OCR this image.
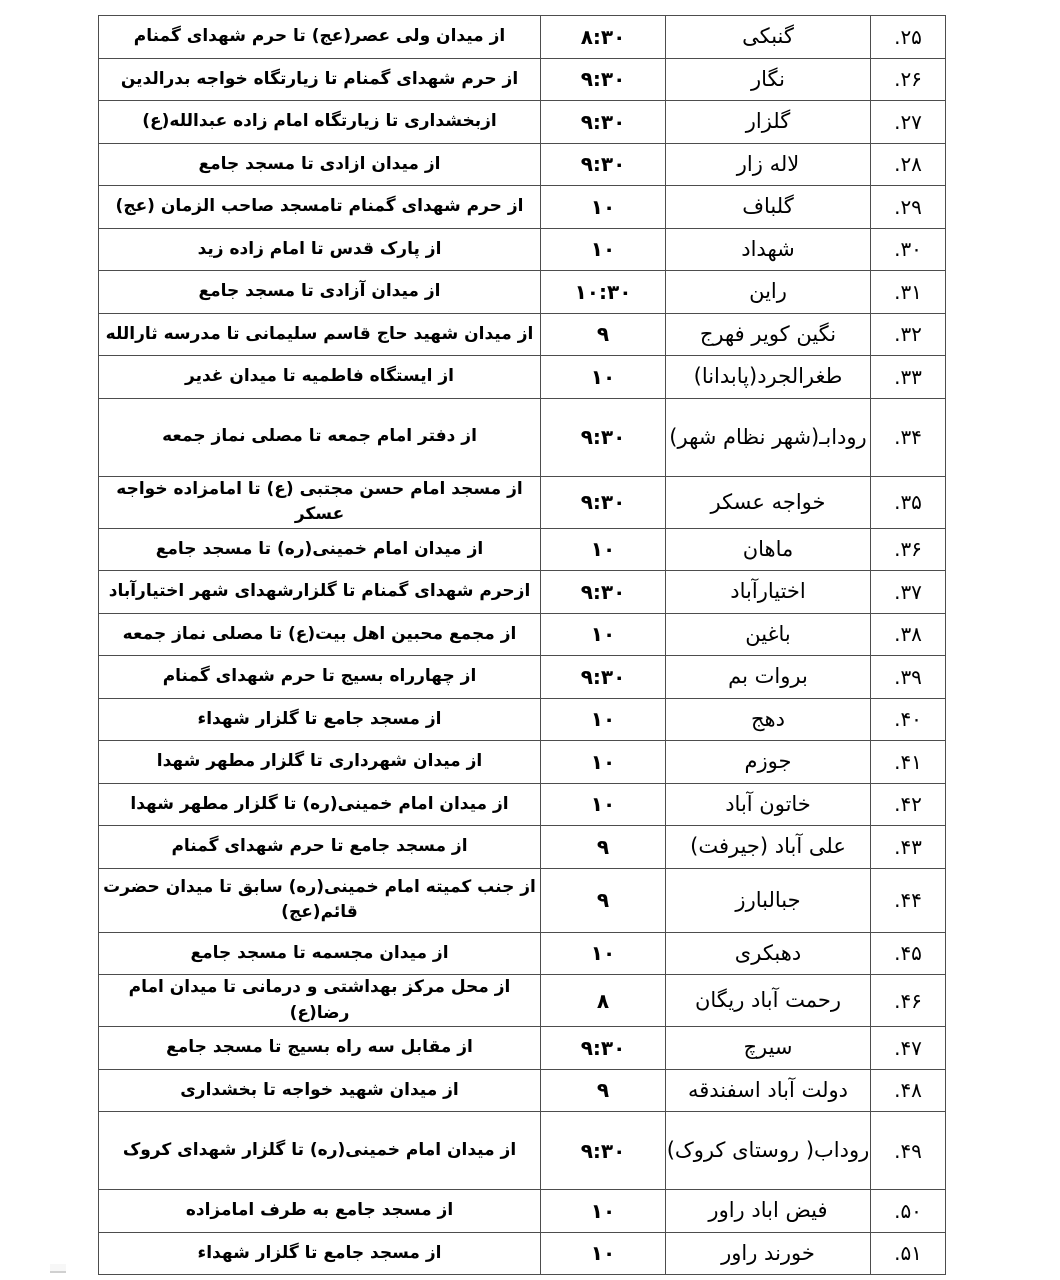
۲۵.	گنبکی	۸:۳۰	از میدان ولی عصر(عج) تا حرم شهدای گمنام
۲۶.	نگار	۹:۳۰	از حرم شهدای گمنام تا زیارتگاه خواجه بدرالدین
۲۷.	گلزار	۹:۳۰	ازبخشداری تا زیارتگاه امام زاده عبدالله(ع)
۲۸.	لاله زار	۹:۳۰	از میدان ازادی تا مسجد جامع
۲۹.	گلباف	۱۰	از حرم شهدای گمنام تامسجد صاحب الزمان (عج)
۳۰.	شهداد	۱۰	از پارک قدس تا امام زاده زید
۳۱.	راین	۱۰:۳۰	از میدان آزادی تا مسجد جامع
۳۲.	نگین کویر فهرج	۹	از میدان شهید حاج قاسم سلیمانی تا مدرسه ثارالله
۳۳.	طغرالجرد(پابدانا)	۱۰	از ایستگاه فاطمیه تا میدان غدیر
۳۴.	رودابـ(شهر نظام شهر)	۹:۳۰	از دفتر امام جمعه تا مصلی نماز جمعه
۳۵.	خواجه عسکر	۹:۳۰	از مسجد امام حسن مجتبی (ع) تا امامزاده خواجه عسکر
۳۶.	ماهان	۱۰	از میدان امام خمینی(ره) تا مسجد جامع
۳۷.	اختیارآباد	۹:۳۰	ازحرم شهدای گمنام تا گلزارشهدای شهر اختیارآباد
۳۸.	باغین	۱۰	از مجمع محبین اهل بیت(ع) تا مصلی نماز جمعه
۳۹.	بروات بم	۹:۳۰	از چهارراه بسیج تا حرم شهدای گمنام
۴۰.	دهج	۱۰	از مسجد جامع تا گلزار شهداء
۴۱.	جوزم	۱۰	از میدان شهرداری تا گلزار مطهر شهدا
۴۲.	خاتون آباد	۱۰	از میدان امام خمینی(ره) تا گلزار مطهر شهدا
۴۳.	علی آباد (جیرفت)	۹	از مسجد جامع تا حرم شهدای گمنام
۴۴.	جبالبارز	۹	از جنب کمیته امام خمینی(ره) سابق تا میدان حضرت قائم(عج)
۴۵.	دهبکری	۱۰	از میدان مجسمه تا مسجد جامع
۴۶.	رحمت آباد ریگان	۸	از محل مرکز بهداشتی و درمانی تا میدان امام رضا(ع)
۴۷.	سیرچ	۹:۳۰	از مقابل سه راه بسیج تا مسجد جامع
۴۸.	دولت آباد اسفندقه	۹	از میدان شهید خواجه تا بخشداری
۴۹.	روداب( روستای کروک)	۹:۳۰	از میدان امام خمینی(ره) تا گلزار شهدای کروک
۵۰.	فیض اباد راور	۱۰	از مسجد جامع به طرف امامزاده
۵۱.	خورند راور	۱۰	از مسجد جامع تا گلزار شهداء
